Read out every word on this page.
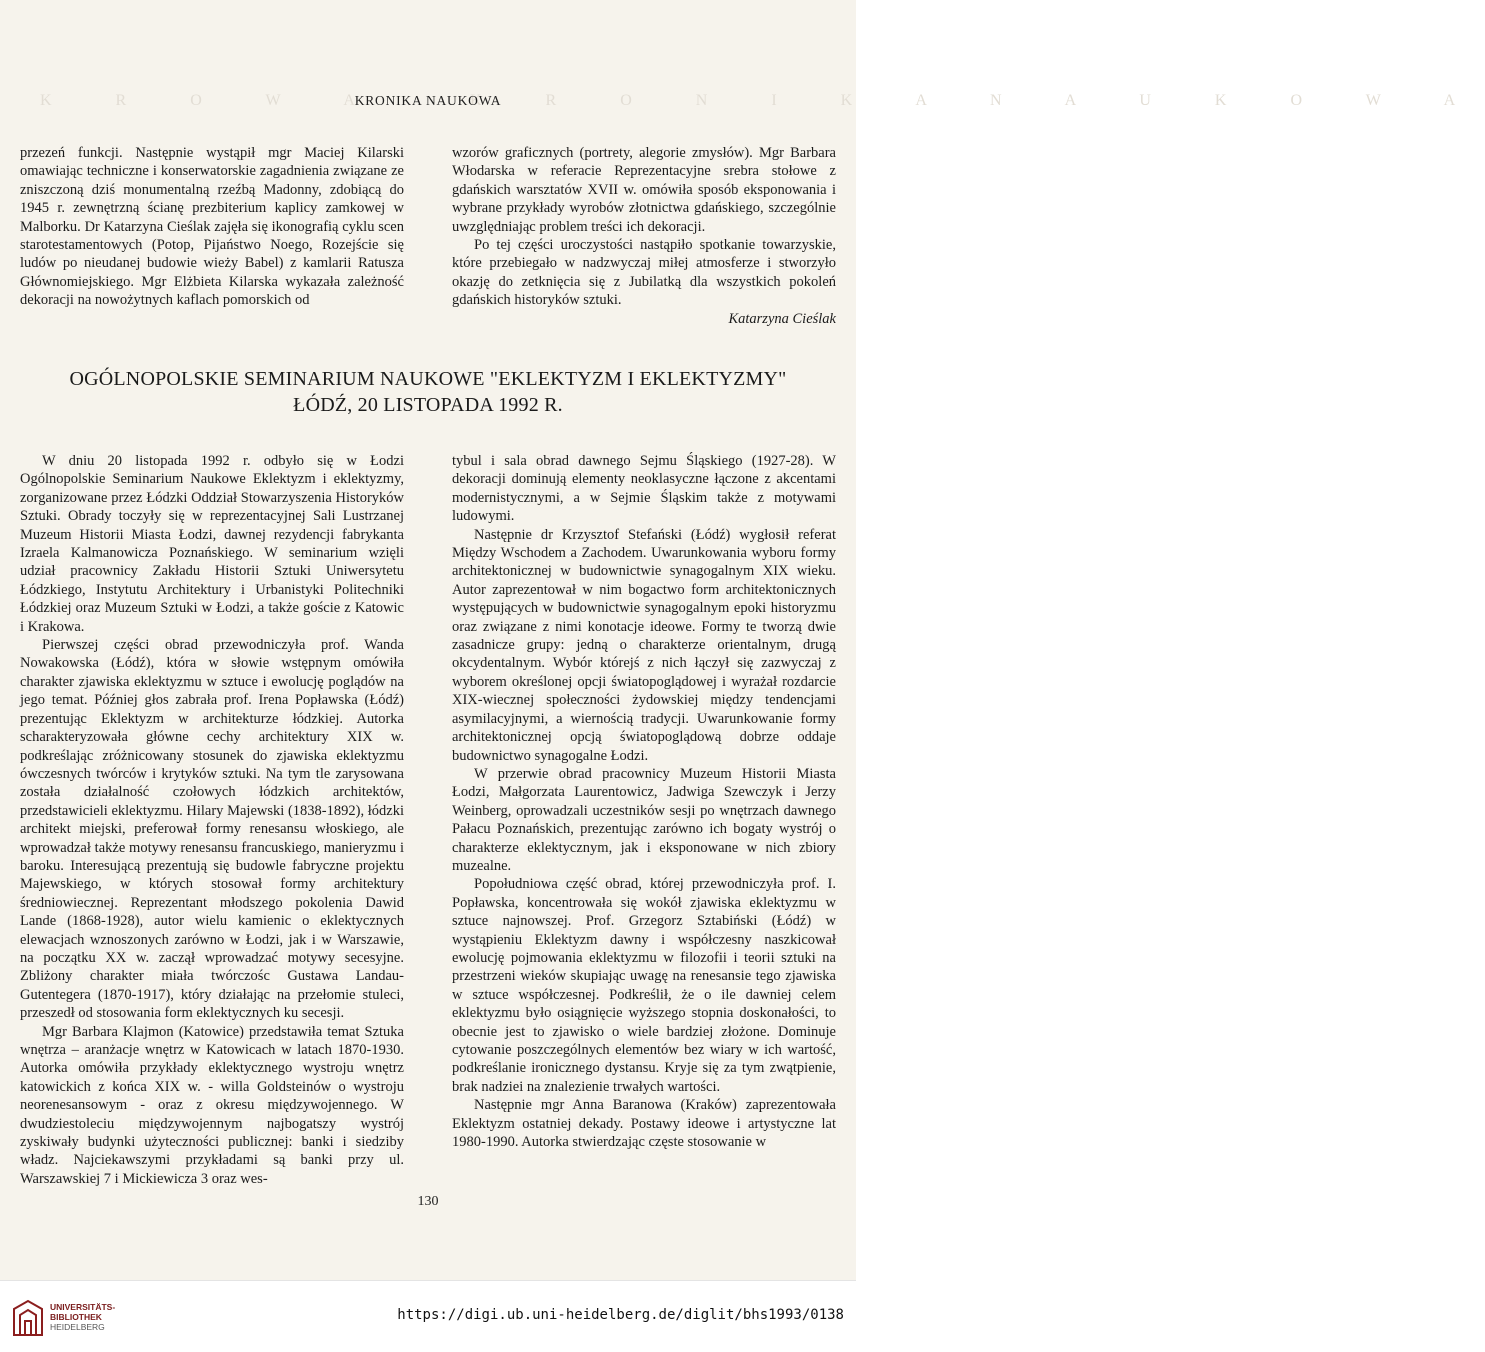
K R O W A	K R O N I K A N A U K O W A
KRONIKA NAUKOWA

przezeń funkcji. Następnie wystąpił mgr Maciej Kilarski omawiając techniczne i konserwatorskie zagadnienia związane ze zniszczoną dziś monumentalną rzeźbą Madonny, zdobiącą do 1945 r. zewnętrzną ścianę prezbiterium kaplicy zamkowej w Malborku. Dr Katarzyna Cieślak zajęła się ikonografią cyklu scen starotestamentowych (Potop, Pijaństwo Noego, Rozejście się ludów po nieudanej budowie wieży Babel) z kamlarii Ratusza Głównomiejskiego. Mgr Elżbieta Kilarska wykazała zależność dekoracji na nowożytnych kaflach pomorskich od

wzorów graficznych (portrety, alegorie zmysłów). Mgr Barbara Włodarska w referacie Reprezentacyjne srebra stołowe z gdańskich warsztatów XVII w. omówiła sposób eksponowania i wybrane przykłady wyrobów złotnictwa gdańskiego, szczególnie uwzględniając problem treści ich dekoracji.

Po tej części uroczystości nastąpiło spotkanie towarzyskie, które przebiegało w nadzwyczaj miłej atmosferze i stworzyło okazję do zetknięcia się z Jubilatką dla wszystkich pokoleń gdańskich historyków sztuki.

Katarzyna Cieślak

OGÓLNOPOLSKIE SEMINARIUM NAUKOWE "EKLEKTYZM I EKLEKTYZMY"
ŁÓDŹ, 20 LISTOPADA 1992 R.

W dniu 20 listopada 1992 r. odbyło się w Łodzi Ogólnopolskie Seminarium Naukowe Eklektyzm i eklektyzmy, zorganizowane przez Łódzki Oddział Stowarzyszenia Historyków Sztuki. Obrady toczyły się w reprezentacyjnej Sali Lustrzanej Muzeum Historii Miasta Łodzi, dawnej rezydencji fabrykanta Izraela Kalmanowicza Poznańskiego. W seminarium wzięli udział pracownicy Zakładu Historii Sztuki Uniwersytetu Łódzkiego, Instytutu Architektury i Urbanistyki Politechniki Łódzkiej oraz Muzeum Sztuki w Łodzi, a także goście z Katowic i Krakowa.

Pierwszej części obrad przewodniczyła prof. Wanda Nowakowska (Łódź), która w słowie wstępnym omówiła charakter zjawiska eklektyzmu w sztuce i ewolucję poglądów na jego temat. Później głos zabrała prof. Irena Popławska (Łódź) prezentując Eklektyzm w architekturze łódzkiej. Autorka scharakteryzowała główne cechy architektury XIX w. podkreślając zróżnicowany stosunek do zjawiska eklektyzmu ówczesnych twórców i krytyków sztuki. Na tym tle zarysowana została działalność czołowych łódzkich architektów, przedstawicieli eklektyzmu. Hilary Majewski (1838-1892), łódzki architekt miejski, preferował formy renesansu włoskiego, ale wprowadzał także motywy renesansu francuskiego, manieryzmu i baroku. Interesującą prezentują się budowle fabryczne projektu Majewskiego, w których stosował formy architektury średniowiecznej. Reprezentant młodszego pokolenia Dawid Lande (1868-1928), autor wielu kamienic o eklektycznych elewacjach wznoszonych zarówno w Łodzi, jak i w Warszawie, na początku XX w. zaczął wprowadzać motywy secesyjne. Zbliżony charakter miała twórczośc Gustawa Landau-Gutentegera (1870-1917), który działając na przełomie stuleci, przeszedł od stosowania form eklektycznych ku secesji.

Mgr Barbara Klajmon (Katowice) przedstawiła temat Sztuka wnętrza – aranżacje wnętrz w Katowicach w latach 1870-1930. Autorka omówiła przykłady eklektycznego wystroju wnętrz katowickich z końca XIX w. - willa Goldsteinów o wystroju neorenesansowym - oraz z okresu międzywojennego. W dwudziestoleciu międzywojennym najbogatszy wystrój zyskiwały budynki użyteczności publicznej: banki i siedziby władz. Najciekawszymi przykładami są banki przy ul. Warszawskiej 7 i Mickiewicza 3 oraz wes-

tybul i sala obrad dawnego Sejmu Śląskiego (1927-28). W dekoracji dominują elementy neoklasyczne łączone z akcentami modernistycznymi, a w Sejmie Śląskim także z motywami ludowymi.

Następnie dr Krzysztof Stefański (Łódź) wygłosił referat Między Wschodem a Zachodem. Uwarunkowania wyboru formy architektonicznej w budownictwie synagogalnym XIX wieku. Autor zaprezentował w nim bogactwo form architektonicznych występujących w budownictwie synagogalnym epoki historyzmu oraz związane z nimi konotacje ideowe. Formy te tworzą dwie zasadnicze grupy: jedną o charakterze orientalnym, drugą okcydentalnym. Wybór którejś z nich łączył się zazwyczaj z wyborem określonej opcji światopoglądowej i wyrażał rozdarcie XIX-wiecznej społeczności żydowskiej między tendencjami asymilacyjnymi, a wiernością tradycji. Uwarunkowanie formy architektonicznej opcją światopoglądową dobrze oddaje budownictwo synagogalne Łodzi.

W przerwie obrad pracownicy Muzeum Historii Miasta Łodzi, Małgorzata Laurentowicz, Jadwiga Szewczyk i Jerzy Weinberg, oprowadzali uczestników sesji po wnętrzach dawnego Pałacu Poznańskich, prezentując zarówno ich bogaty wystrój o charakterze eklektycznym, jak i eksponowane w nich zbiory muzealne.

Popołudniowa część obrad, której przewodniczyła prof. I. Popławska, koncentrowała się wokół zjawiska eklektyzmu w sztuce najnowszej. Prof. Grzegorz Sztabiński (Łódź) w wystąpieniu Eklektyzm dawny i współczesny naszkicował ewolucję pojmowania eklektyzmu w filozofii i teorii sztuki na przestrzeni wieków skupiając uwagę na renesansie tego zjawiska w sztuce współczesnej. Podkreślił, że o ile dawniej celem eklektyzmu było osiągnięcie wyższego stopnia doskonałości, to obecnie jest to zjawisko o wiele bardziej złożone. Dominuje cytowanie poszczególnych elementów bez wiary w ich wartość, podkreślanie ironicznego dystansu. Kryje się za tym zwątpienie, brak nadziei na znalezienie trwałych wartości.

Następnie mgr Anna Baranowa (Kraków) zaprezentowała Eklektyzm ostatniej dekady. Postawy ideowe i artystyczne lat 1980-1990. Autorka stwierdzając częste stosowanie w

130
UNIVERSITÄTS-
BIBLIOTHEK
HEIDELBERG
https://digi.ub.uni-heidelberg.de/diglit/bhs1993/0138
